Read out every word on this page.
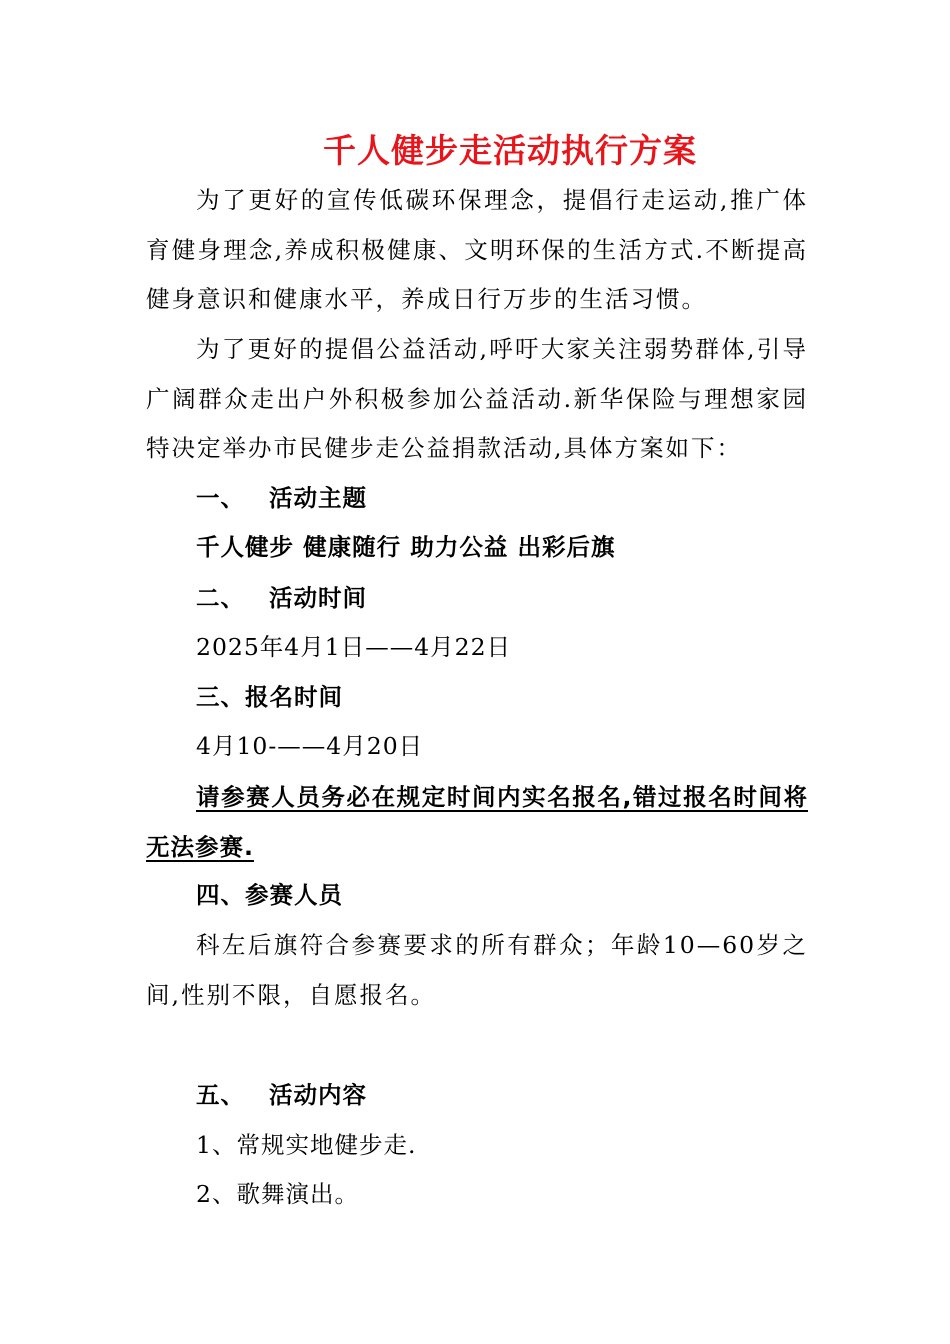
千人健步走活动执行方案

为了更好的宣传低碳环保理念，提倡行走运动,推广体育健身理念,养成积极健康、文明环保的生活方式.不断提高健身意识和健康水平，养成日行万步的生活习惯。

为了更好的提倡公益活动,呼吁大家关注弱势群体,引导广阔群众走出户外积极参加公益活动.新华保险与理想家园特决定举办市民健步走公益捐款活动,具体方案如下：

一、 活动主题
千人健步 健康随行 助力公益 出彩后旗
二、 活动时间
2025年4月1日——4月22日
三、报名时间
4月10-——4月20日

请参赛人员务必在规定时间内实名报名,错过报名时间将无法参赛.

四、参赛人员

科左后旗符合参赛要求的所有群众；年龄10—60岁之间,性别不限，自愿报名。

五、 活动内容
1、常规实地健步走.
2、歌舞演出。
